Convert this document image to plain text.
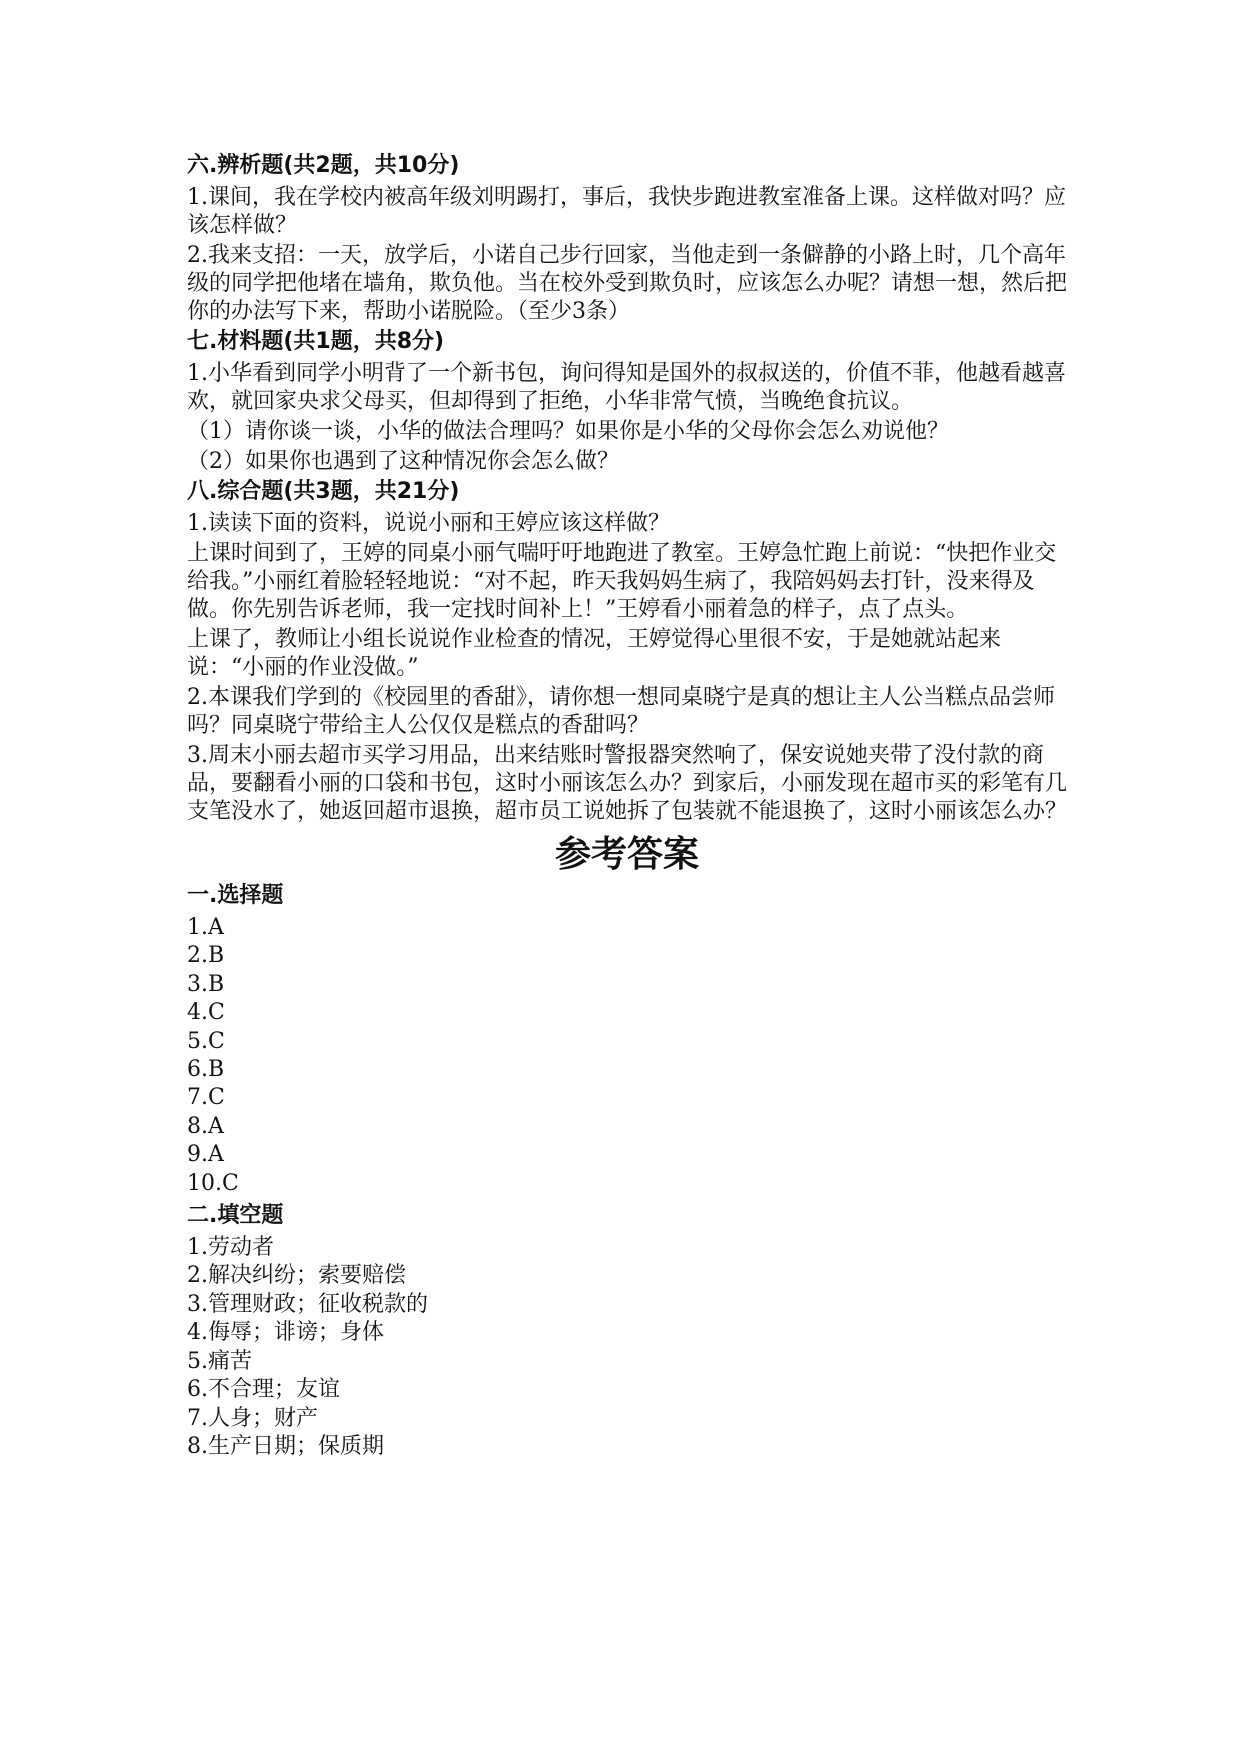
六.辨析题(共2题，共10分)
1.课间，我在学校内被高年级刘明踢打，事后，我快步跑进教室准备上课。这样做对吗？应该怎样做？
2.我来支招：一天，放学后，小诺自己步行回家，当他走到一条僻静的小路上时，几个高年级的同学把他堵在墙角，欺负他。当在校外受到欺负时，应该怎么办呢？请想一想，然后把你的办法写下来，帮助小诺脱险。（至少3条）
七.材料题(共1题，共8分)
1.小华看到同学小明背了一个新书包，询问得知是国外的叔叔送的，价值不菲，他越看越喜欢，就回家央求父母买，但却得到了拒绝，小华非常气愤，当晚绝食抗议。
（1）请你谈一谈，小华的做法合理吗？如果你是小华的父母你会怎么劝说他？
（2）如果你也遇到了这种情况你会怎么做？
八.综合题(共3题，共21分)
1.读读下面的资料，说说小丽和王婷应该这样做？
上课时间到了，王婷的同桌小丽气喘吁吁地跑进了教室。王婷急忙跑上前说：“快把作业交给我。”小丽红着脸轻轻地说：“对不起，昨天我妈妈生病了，我陪妈妈去打针，没来得及做。你先别告诉老师，我一定找时间补上！”王婷看小丽着急的样子，点了点头。
上课了，教师让小组长说说作业检查的情况，王婷觉得心里很不安，于是她就站起来说：“小丽的作业没做。”
2.本课我们学到的《校园里的香甜》，请你想一想同桌晓宁是真的想让主人公当糕点品尝师吗？同桌晓宁带给主人公仅仅是糕点的香甜吗？
3.周末小丽去超市买学习用品，出来结账时警报器突然响了，保安说她夹带了没付款的商品，要翻看小丽的口袋和书包，这时小丽该怎么办？到家后，小丽发现在超市买的彩笔有几支笔没水了，她返回超市退换，超市员工说她拆了包装就不能退换了，这时小丽该怎么办？
参考答案
一.选择题
1.A
2.B
3.B
4.C
5.C
6.B
7.C
8.A
9.A
10.C
二.填空题
1.劳动者
2.解决纠纷；索要赔偿
3.管理财政；征收税款的
4.侮辱；诽谤；身体
5.痛苦
6.不合理；友谊
7.人身；财产
8.生产日期；保质期
